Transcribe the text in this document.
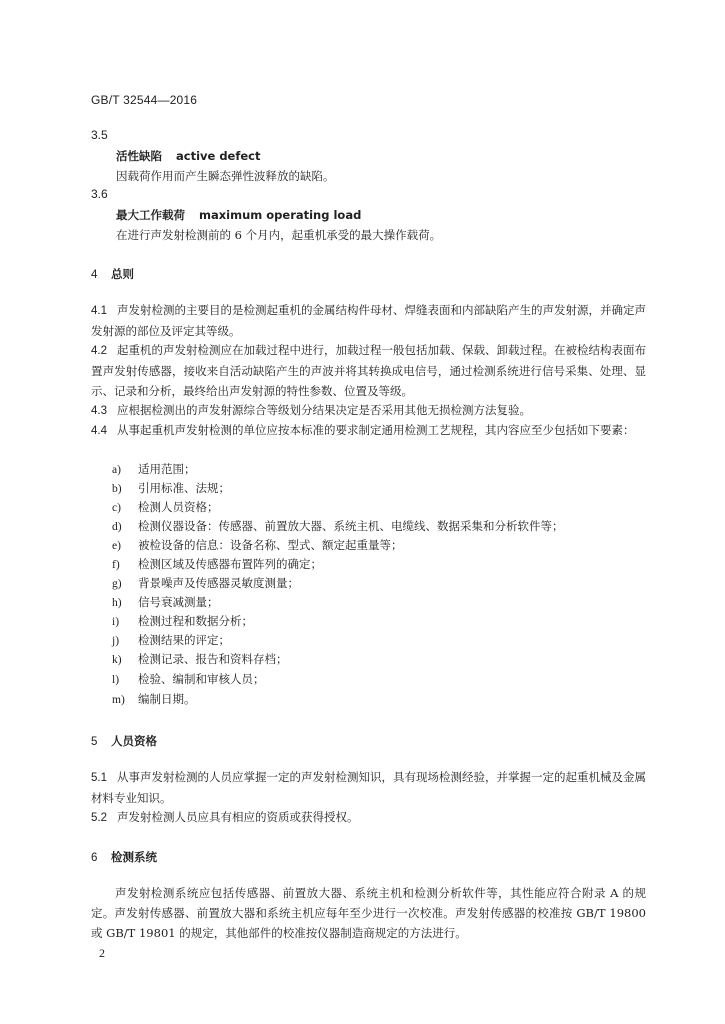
GB/T 32544—2016
3.5
活性缺陷 active defect
因载荷作用而产生瞬态弹性波释放的缺陷。
3.6
最大工作载荷 maximum operating load
在进行声发射检测前的 6 个月内，起重机承受的最大操作载荷。
4 总则
4.1 声发射检测的主要目的是检测起重机的金属结构件母材、焊缝表面和内部缺陷产生的声发射源，并确定声发射源的部位及评定其等级。
4.2 起重机的声发射检测应在加载过程中进行，加载过程一般包括加载、保载、卸载过程。在被检结构表面布置声发射传感器，接收来自活动缺陷产生的声波并将其转换成电信号，通过检测系统进行信号采集、处理、显示、记录和分析，最终给出声发射源的特性参数、位置及等级。
4.3 应根据检测出的声发射源综合等级划分结果决定是否采用其他无损检测方法复验。
4.4 从事起重机声发射检测的单位应按本标准的要求制定通用检测工艺规程，其内容应至少包括如下要素：
a) 适用范围；
b) 引用标准、法规；
c) 检测人员资格；
d) 检测仪器设备：传感器、前置放大器、系统主机、电缆线、数据采集和分析软件等；
e) 被检设备的信息：设备名称、型式、额定起重量等；
f) 检测区域及传感器布置阵列的确定；
g) 背景噪声及传感器灵敏度测量；
h) 信号衰减测量；
i) 检测过程和数据分析；
j) 检测结果的评定；
k) 检测记录、报告和资料存档；
l) 检验、编制和审核人员；
m) 编制日期。
5 人员资格
5.1 从事声发射检测的人员应掌握一定的声发射检测知识，具有现场检测经验，并掌握一定的起重机械及金属材料专业知识。
5.2 声发射检测人员应具有相应的资质或获得授权。
6 检测系统
声发射检测系统应包括传感器、前置放大器、系统主机和检测分析软件等，其性能应符合附录 A 的规定。声发射传感器、前置放大器和系统主机应每年至少进行一次校准。声发射传感器的校准按 GB/T 19800或 GB/T 19801 的规定，其他部件的校准按仪器制造商规定的方法进行。
2
